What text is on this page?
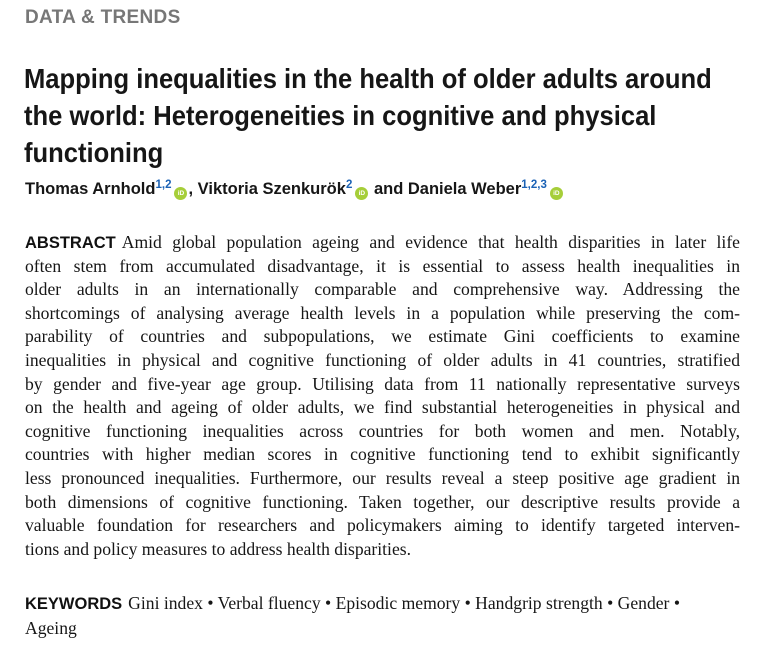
DATA & TRENDS
Mapping inequalities in the health of older adults around
the world: Heterogeneities in cognitive and physical
functioning
Thomas Arnhold$^{1,2}$iD , Viktoria Szenkurök$^2$iD and Daniela Weber$^{1,2,3}$iD
ABSTRACT Amid global population ageing and evidence that health disparities in later life
often stem from accumulated disadvantage, it is essential to assess health inequalities in
older adults in an internationally comparable and comprehensive way. Addressing the
shortcomings of analysing average health levels in a population while preserving the com-
parability of countries and subpopulations, we estimate Gini coefficients to examine
inequalities in physical and cognitive functioning of older adults in 41 countries, stratified
by gender and five-year age group. Utilising data from 11 nationally representative surveys
on the health and ageing of older adults, we find substantial heterogeneities in physical and
cognitive functioning inequalities across countries for both women and men. Notably,
countries with higher median scores in cognitive functioning tend to exhibit significantly
less pronounced inequalities. Furthermore, our results reveal a steep positive age gradient in
both dimensions of cognitive functioning. Taken together, our descriptive results provide a
valuable foundation for researchers and policymakers aiming to identify targeted interven-
tions and policy measures to address health disparities.
KEYWORDS Gini index • Verbal fluency • Episodic memory • Handgrip strength • Gender •
Ageing
